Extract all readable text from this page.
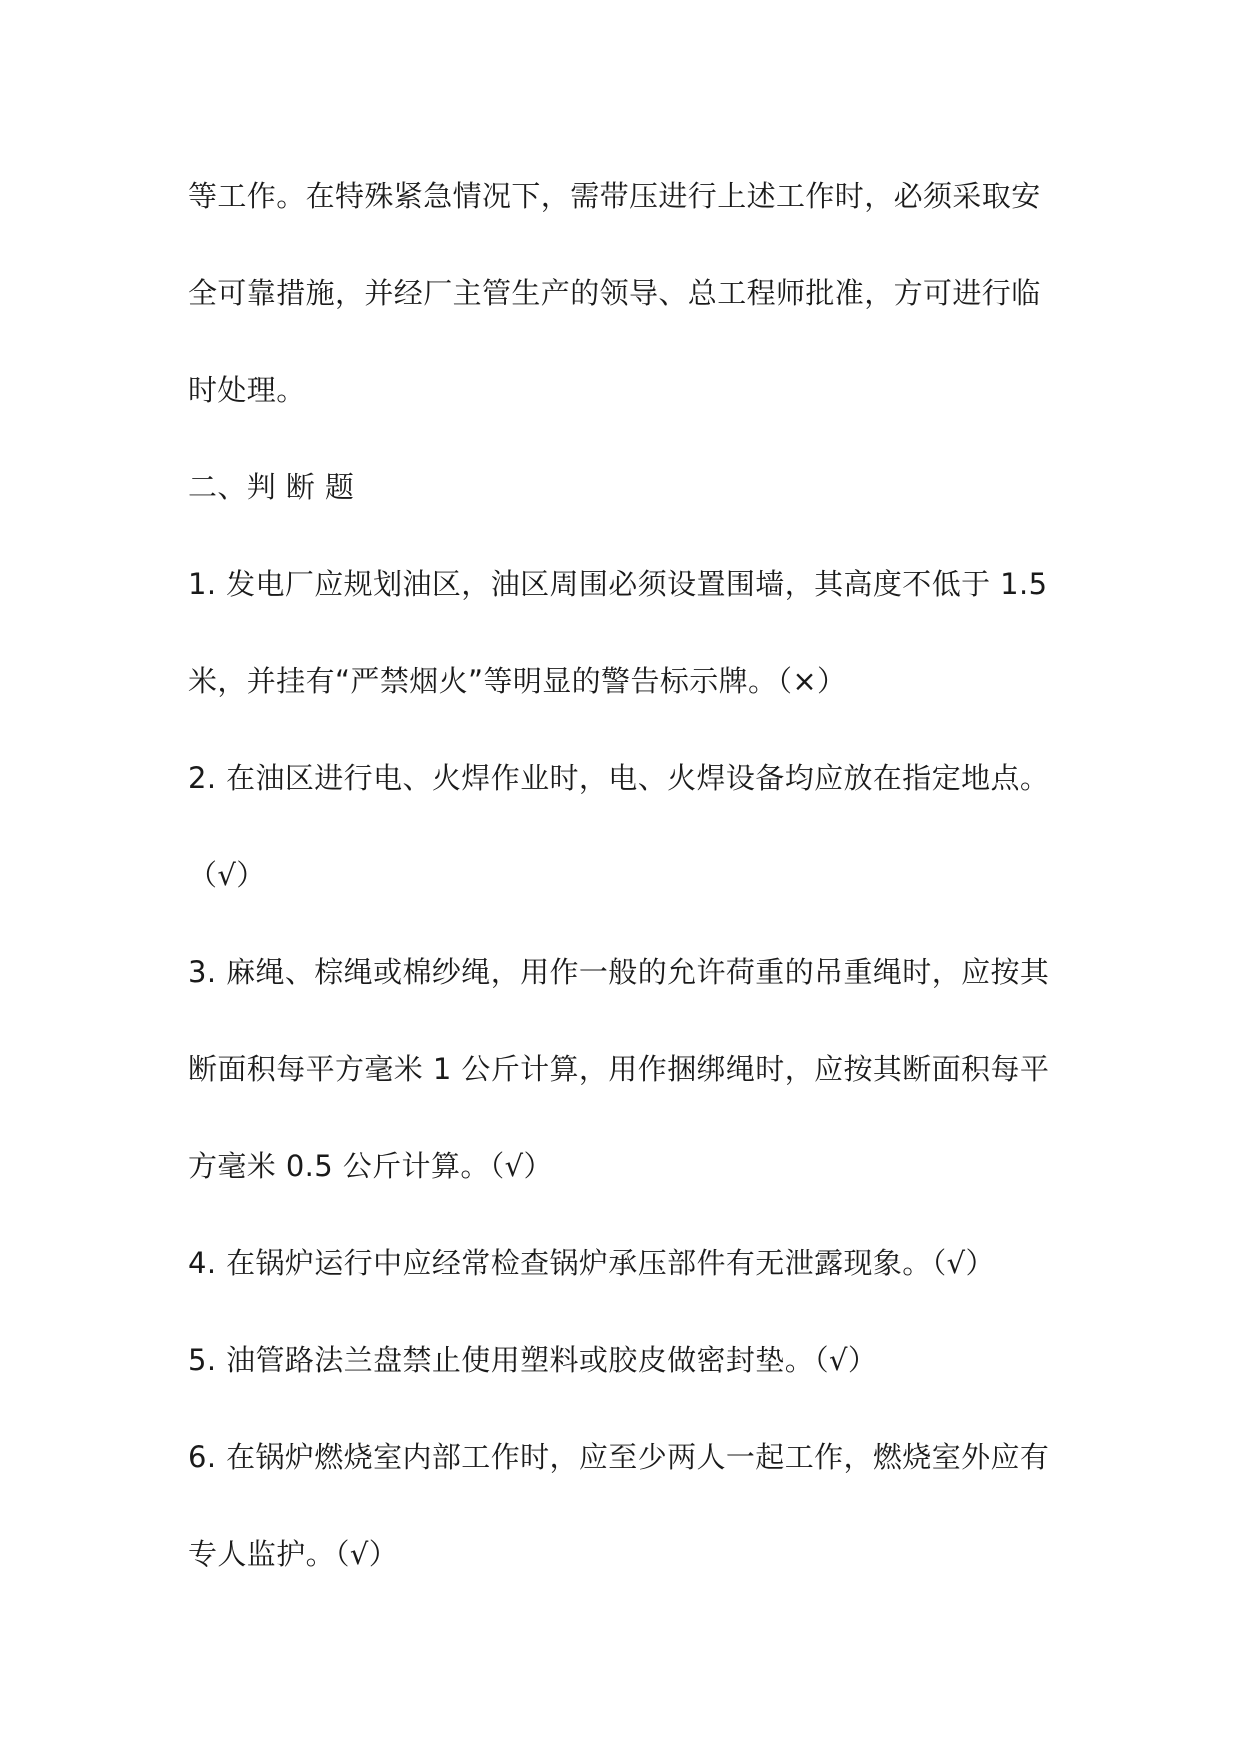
等工作。在特殊紧急情况下，需带压进行上述工作时，必须采取安
全可靠措施，并经厂主管生产的领导、总工程师批准，方可进行临
时处理。
二、判 断 题
1. 发电厂应规划油区，油区周围必须设置围墙，其高度不低于 1.5
米，并挂有“严禁烟火”等明显的警告标示牌。（×）
2. 在油区进行电、火焊作业时，电、火焊设备均应放在指定地点。
（√）
3. 麻绳、棕绳或棉纱绳，用作一般的允许荷重的吊重绳时，应按其
断面积每平方毫米 1 公斤计算，用作捆绑绳时，应按其断面积每平
方毫米 0.5 公斤计算。（√）
4. 在锅炉运行中应经常检查锅炉承压部件有无泄露现象。（√）
5. 油管路法兰盘禁止使用塑料或胶皮做密封垫。（√）
6. 在锅炉燃烧室内部工作时，应至少两人一起工作，燃烧室外应有
专人监护。（√）
